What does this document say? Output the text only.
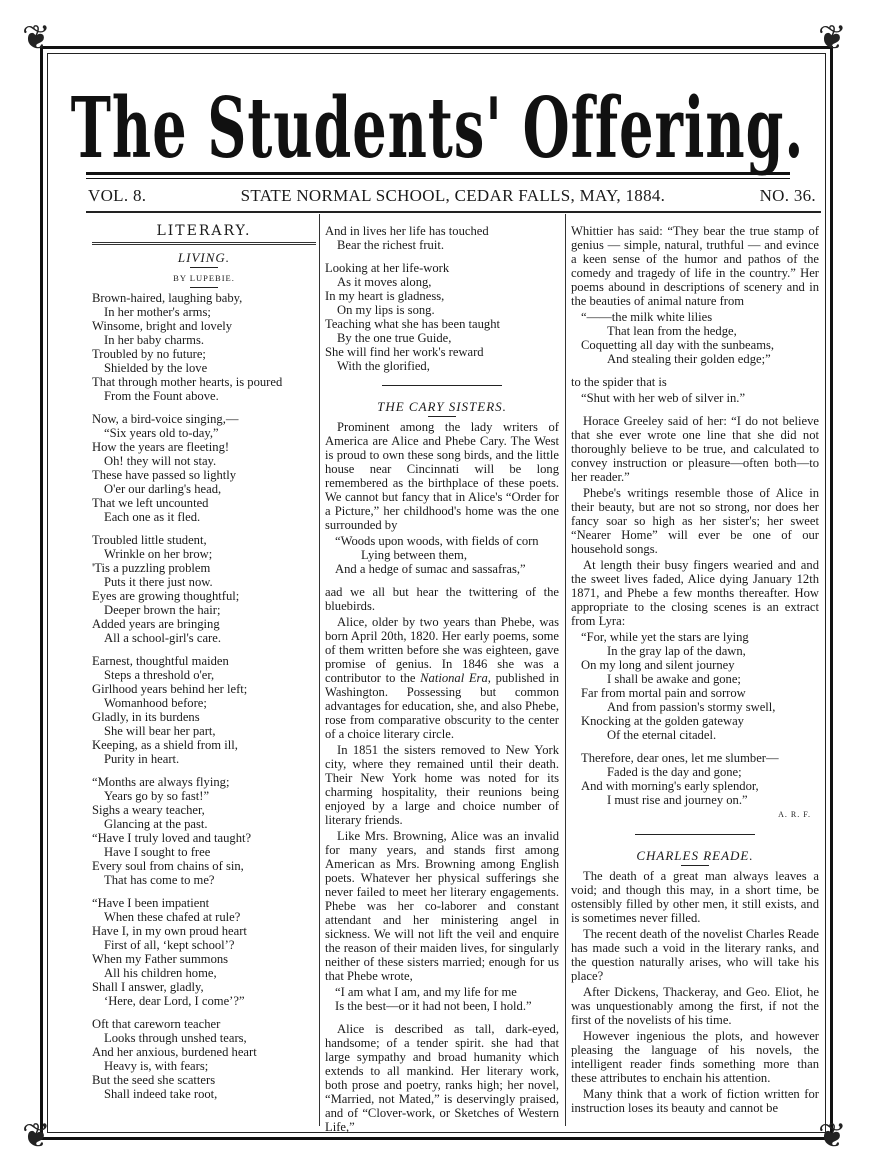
❦	❦
❦	❦
The Students' Offering.
VOL. 8.	STATE NORMAL SCHOOL, CEDAR FALLS, MAY, 1884.	NO. 36.
LITERARY.
LIVING.
BY LUPEBIE.
Brown-haired, laughing baby,
In her mother's arms;
Winsome, bright and lovely
In her baby charms.
Troubled by no future;
Shielded by the love
That through mother hearts, is poured
From the Fount above.
Now, a bird-voice singing,—
“Six years old to-day,”
How the years are fleeting!
Oh! they will not stay.
These have passed so lightly
O'er our darling's head,
That we left uncounted
Each one as it fled.
Troubled little student,
Wrinkle on her brow;
'Tis a puzzling problem
Puts it there just now.
Eyes are growing thoughtful;
Deeper brown the hair;
Added years are bringing
All a school-girl's care.
Earnest, thoughtful maiden
Steps a threshold o'er,
Girlhood years behind her left;
Womanhood before;
Gladly, in its burdens
She will bear her part,
Keeping, as a shield from ill,
Purity in heart.
“Months are always flying;
Years go by so fast!”
Sighs a weary teacher,
Glancing at the past.
“Have I truly loved and taught?
Have I sought to free
Every soul from chains of sin,
That has come to me?
“Have I been impatient
When these chafed at rule?
Have I, in my own proud heart
First of all, ‘kept school’?
When my Father summons
All his children home,
Shall I answer, gladly,
‘Here, dear Lord, I come’?”
Oft that careworn teacher
Looks through unshed tears,
And her anxious, burdened heart
Heavy is, with fears;
But the seed she scatters
Shall indeed take root,
And in lives her life has touched
Bear the richest fruit.
Looking at her life-work
As it moves along,
In my heart is gladness,
On my lips is song.
Teaching what she has been taught
By the one true Guide,
She will find her work's reward
With the glorified,
THE CARY SISTERS.

Prominent among the lady writers of America are Alice and Phebe Cary. The West is proud to own these song birds, and the little house near Cincinnati will be long remembered as the birthplace of these poets. We cannot but fancy that in Alice's “Order for a Picture,” her childhood's home was the one surrounded by

“Woods upon woods, with fields of corn
Lying between them,
And a hedge of sumac and sassafras,”

aad we all but hear the twittering of the bluebirds.

Alice, older by two years than Phebe, was born April 20th, 1820. Her early poems, some of them written before she was eighteen, gave promise of genius. In 1846 she was a contributor to the National Era, published in Washington. Possessing but common advantages for education, she, and also Phebe, rose from comparative obscurity to the center of a choice literary circle.

In 1851 the sisters removed to New York city, where they remained until their death. Their New York home was noted for its charming hospitality, their reunions being enjoyed by a large and choice number of literary friends.

Like Mrs. Browning, Alice was an invalid for many years, and stands first among American as Mrs. Browning among English poets. Whatever her physical sufferings she never failed to meet her literary engagements. Phebe was her co-laborer and constant attendant and her ministering angel in sickness. We will not lift the veil and enquire the reason of their maiden lives, for singularly neither of these sisters married; enough for us that Phebe wrote,

“I am what I am, and my life for me
Is the best—or it had not been, I hold.”

Alice is described as tall, dark-eyed, handsome; of a tender spirit. she had that large sympathy and broad humanity which extends to all mankind. Her literary work, both prose and poetry, ranks high; her novel, “Married, not Mated,” is deservingly praised, and of “Clover-work, or Sketches of Western Life,”

Whittier has said: “They bear the true stamp of genius — simple, natural, truthful — and evince a keen sense of the humor and pathos of the comedy and tragedy of life in the country.” Her poems abound in descriptions of scenery and in the beauties of animal nature from

“——the milk white lilies
That lean from the hedge,
Coquetting all day with the sunbeams,
And stealing their golden edge;”

to the spider that is

“Shut with her web of silver in.”

Horace Greeley said of her: “I do not believe that she ever wrote one line that she did not thoroughly believe to be true, and calculated to convey instruction or pleasure—often both—to her reader.”

Phebe's writings resemble those of Alice in their beauty, but are not so strong, nor does her fancy soar so high as her sister's; her sweet “Nearer Home” will ever be one of our household songs.

At length their busy fingers wearied and and the sweet lives faded, Alice dying January 12th 1871, and Phebe a few months thereafter. How appropriate to the closing scenes is an extract from Lyra:

“For, while yet the stars are lying
In the gray lap of the dawn,
On my long and silent journey
I shall be awake and gone;
Far from mortal pain and sorrow
And from passion's stormy swell,
Knocking at the golden gateway
Of the eternal citadel.
Therefore, dear ones, let me slumber—
Faded is the day and gone;
And with morning's early splendor,
I must rise and journey on.”
A. R. F.
CHARLES READE.

The death of a great man always leaves a void; and though this may, in a short time, be ostensibly filled by other men, it still exists, and is sometimes never filled.

The recent death of the novelist Charles Reade has made such a void in the literary ranks, and the question naturally arises, who will take his place?

After Dickens, Thackeray, and Geo. Eliot, he was unquestionably among the first, if not the first of the novelists of his time.

However ingenious the plots, and however pleasing the language of his novels, the intelligent reader finds something more than these attributes to enchain his attention.

Many think that a work of fiction written for instruction loses its beauty and cannot be
